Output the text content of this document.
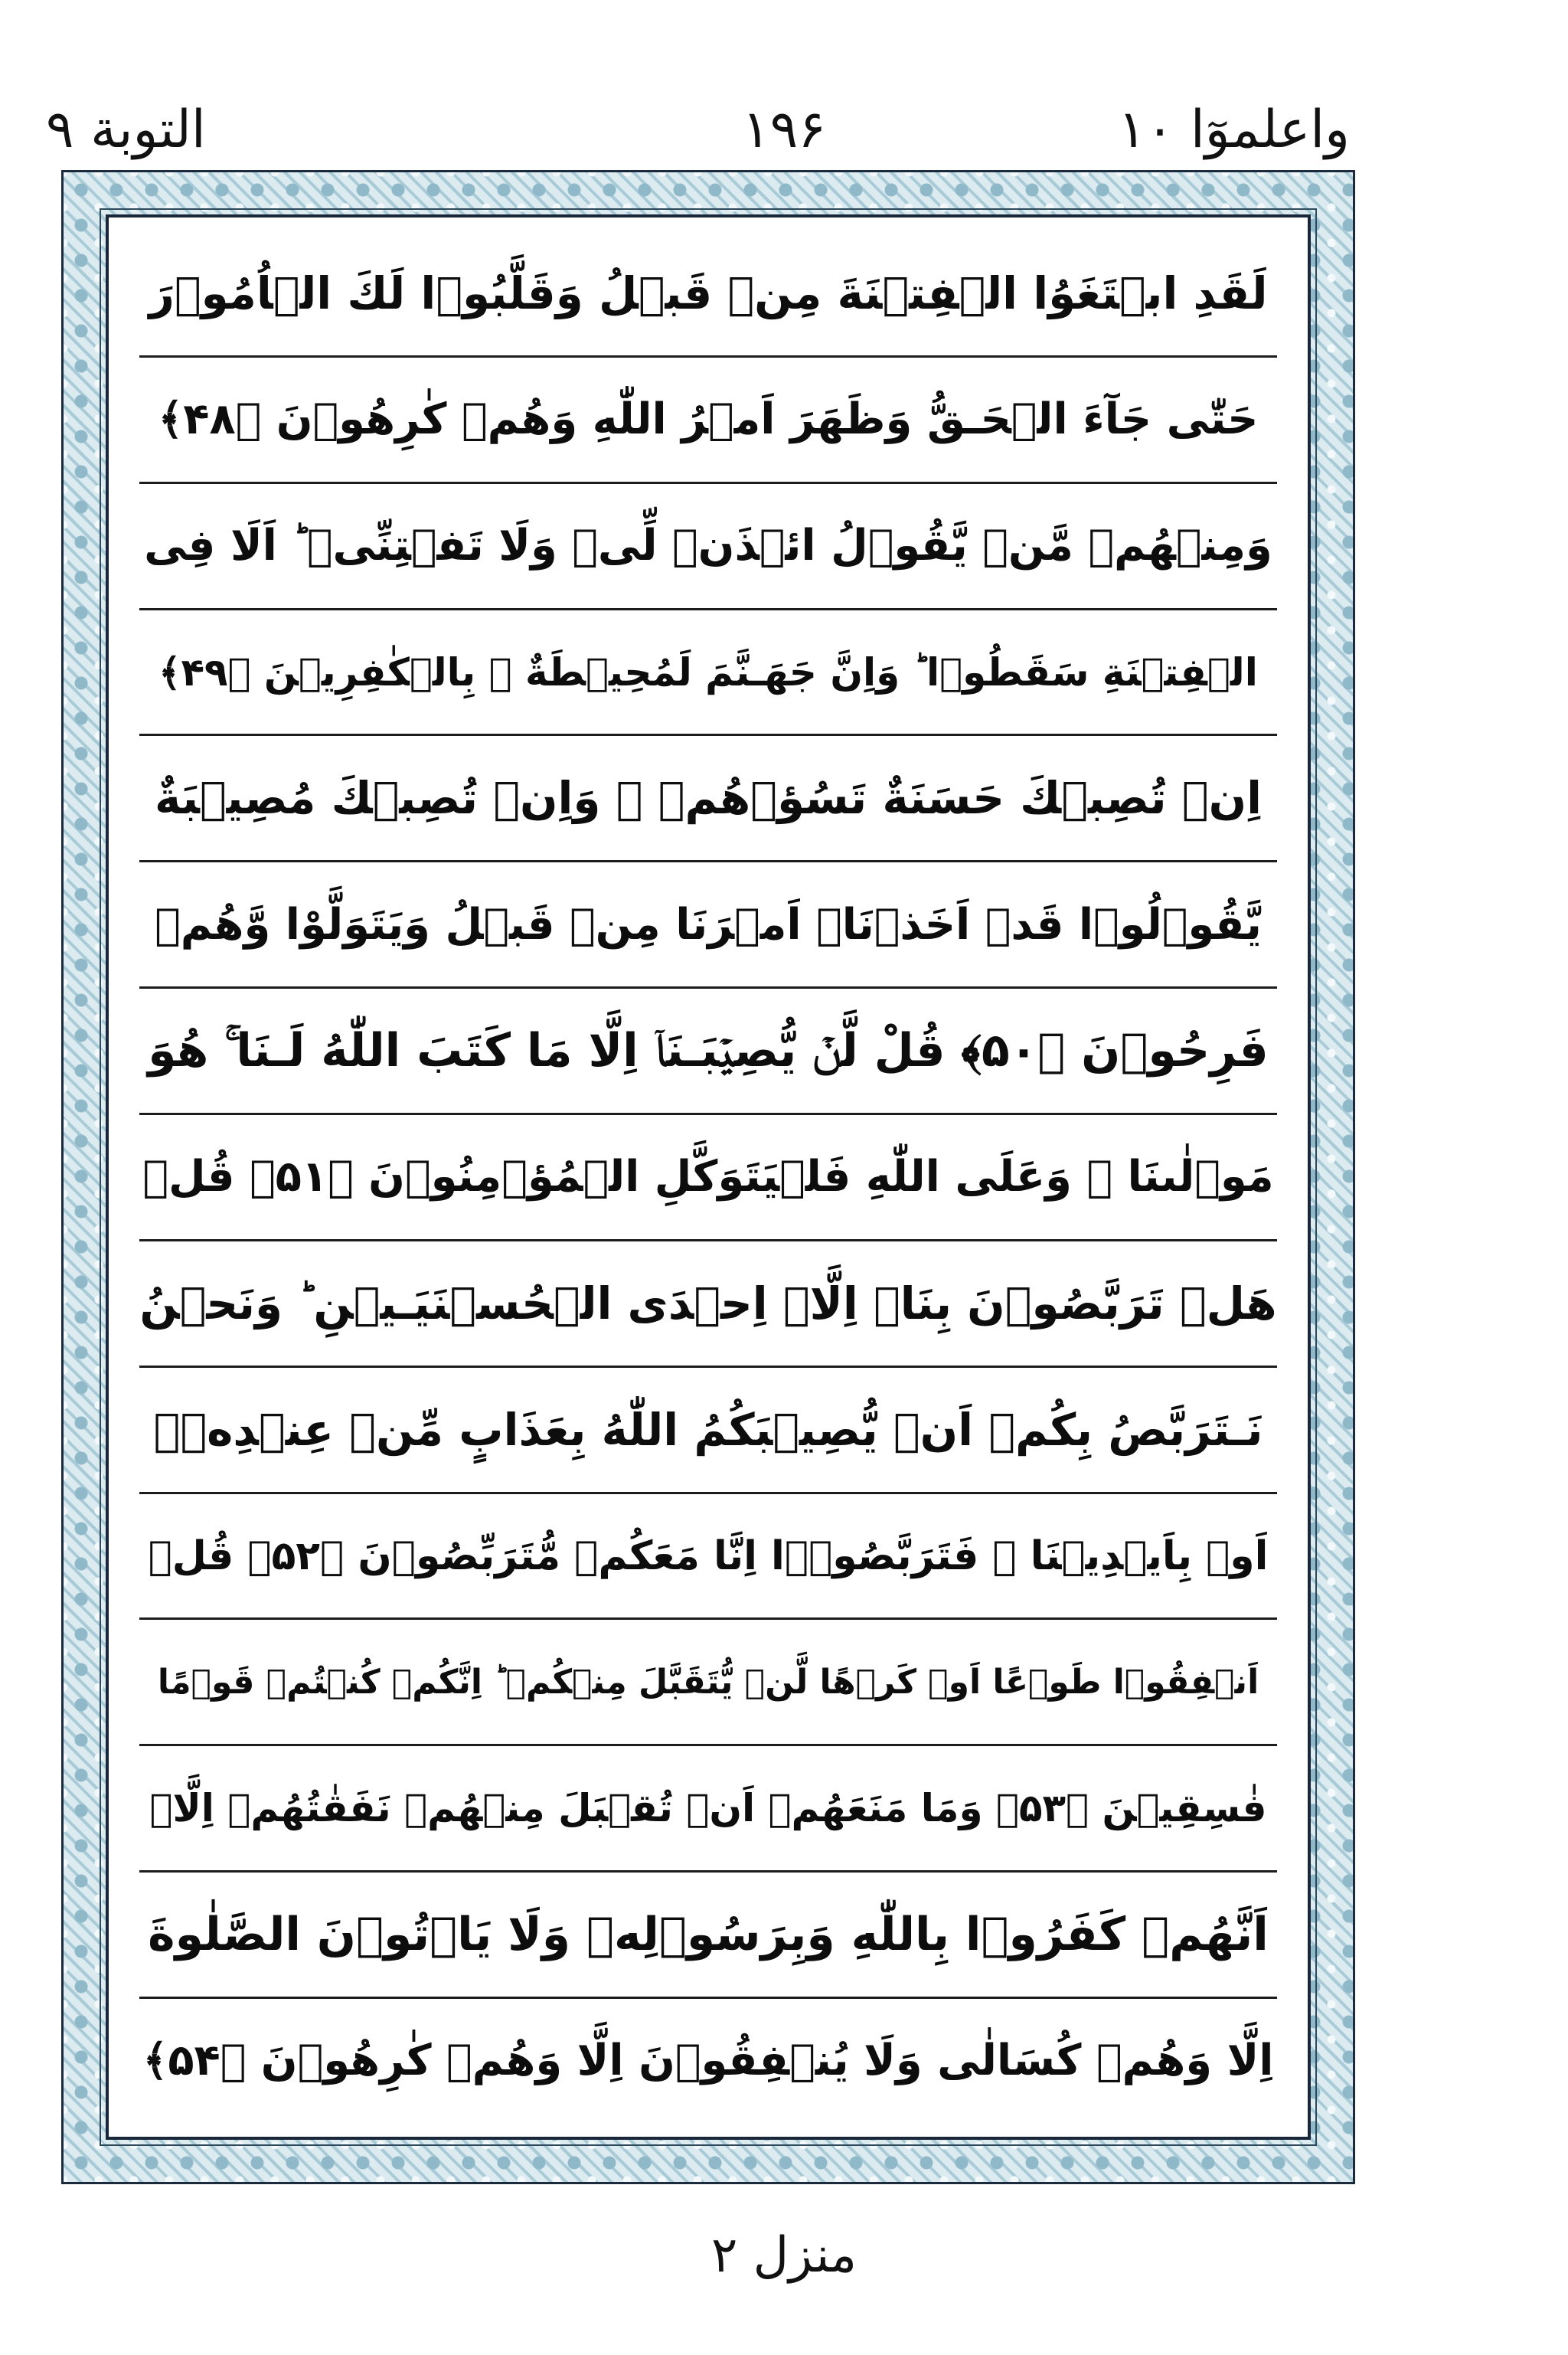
واعلموٓا ۱۰
۱۹۶
التوبة ۹
لَقَدِ ابۡتَغَوُا الۡفِتۡنَةَ مِنۡ قَبۡلُ وَقَلَّبُوۡا لَكَ الۡاُمُوۡرَ
حَتّٰى جَآءَ الۡحَـقُّ وَظَهَرَ اَمۡرُ اللّٰهِ وَهُمۡ كٰرِهُوۡنَ ﴿۴۸﴾
وَمِنۡهُمۡ مَّنۡ يَّقُوۡلُ ائۡذَنۡ لِّىۡ وَلَا تَفۡتِنِّىۡ‌ ؕ اَلَا فِى
الۡفِتۡنَةِ سَقَطُوۡا‌ ؕ وَاِنَّ جَهَـنَّمَ لَمُحِيۡطَةٌ ۢ بِالۡكٰفِرِيۡنَ ﴿۴۹﴾
اِنۡ تُصِبۡكَ حَسَنَةٌ تَسُؤۡهُمۡ‌ ۚ وَاِنۡ تُصِبۡكَ مُصِيۡبَةٌ
يَّقُوۡلُوۡا قَدۡ اَخَذۡنَاۤ اَمۡرَنَا مِنۡ قَبۡلُ وَيَتَوَلَّوْا وَّهُمۡ
فَرِحُوۡنَ ﴿۵۰﴾ قُلْ لَّنۡ يُّصِيۡبَـنَاۤ اِلَّا مَا كَتَبَ اللّٰهُ لَـنَا‌ ۚ هُوَ
مَوۡلٰٮنَا‌ ۚ وَعَلَى اللّٰهِ فَلۡيَتَوَكَّلِ الۡمُؤۡمِنُوۡنَ ﴿۵۱﴾ قُلۡ
هَلۡ تَرَبَّصُوۡنَ بِنَاۤ اِلَّاۤ اِحۡدَى الۡحُسۡنَيَـيۡنِ‌ ؕ وَنَحۡنُ
نَـتَرَبَّصُ بِكُمۡ اَنۡ يُّصِيۡبَكُمُ اللّٰهُ بِعَذَابٍ مِّنۡ عِنۡدِهٖۤ
اَوۡ بِاَيۡدِيۡنَا‌ ‌ۖ فَتَرَبَّصُوۡۤا اِنَّا مَعَكُمۡ مُّتَرَبِّصُوۡنَ ﴿۵۲﴾ قُلۡ
اَنۡفِقُوۡا طَوۡعًا اَوۡ كَرۡهًا لَّنۡ يُّتَقَبَّلَ مِنۡكُمۡ‌ ؕ اِنَّكُمۡ كُنۡتُمۡ قَوۡمًا
فٰسِقِيۡنَ ﴿۵۳﴾ وَمَا مَنَعَهُمۡ اَنۡ تُقۡبَلَ مِنۡهُمۡ نَفَقٰتُهُمۡ اِلَّاۤ
اَنَّهُمۡ كَفَرُوۡا بِاللّٰهِ وَبِرَسُوۡلِهٖ وَلَا يَاۡتُوۡنَ الصَّلٰوةَ
اِلَّا وَهُمۡ كُسَالٰى وَلَا يُنۡفِقُوۡنَ اِلَّا وَهُمۡ كٰرِهُوۡنَ ﴿۵۴﴾
منزل ۲
